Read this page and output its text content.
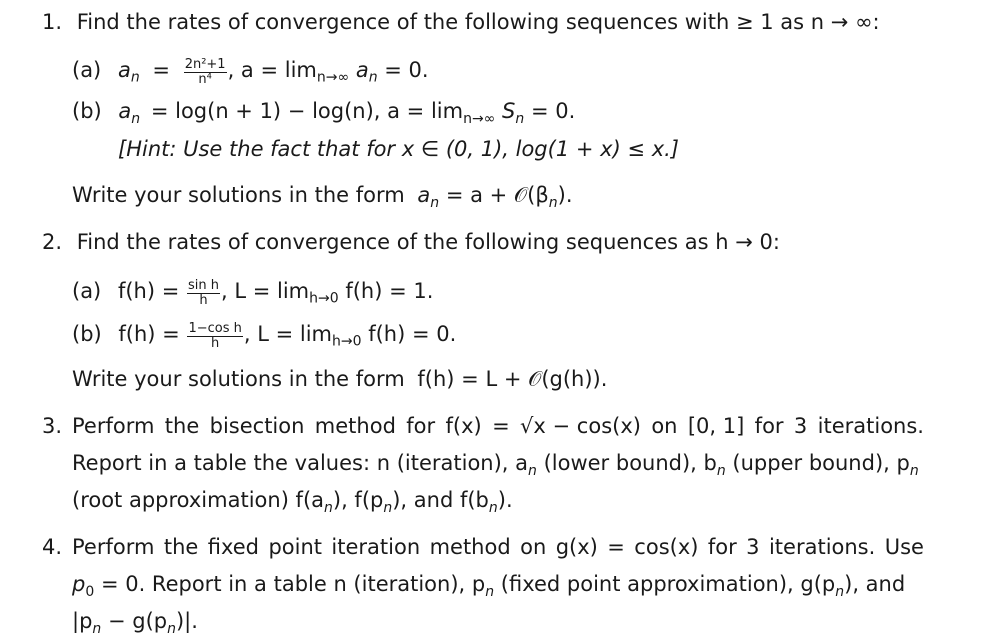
1. Find the rates of convergence of the following sequences with ≥ 1 as n → ∞:
(a) $a_n = \frac{\text{2n²+1}}{\text{n⁴}}$ , $a = \lim_{n\to\infty} a_n = 0$.
(b) $a_n = \log(n + 1) - \log(n)$, $a = \lim_{n\to\infty} S_n = 0$.
[Hint: Use the fact that for x ∈ (0, 1), log(1 + x) ≤ x.]
Write your solutions in the form $a_n = a$ + $𝒪(\beta_n)$.
2. Find the rates of convergence of the following sequences as h → 0:
(a) $f(h) = \frac{\text{sin h}}{h}$ , $L = \lim_{h\to 0} f(h) = 1$.
(b) $f(h) = \frac{\text{1−cos h}}{h}$ , $L = \lim_{h\to 0} f(h) = 0$.
Write your solutions in the form f(h) = L + 𝒪(g(h)).
3. Perform the bisection method for f(x) = √x − cos(x) on [0, 1] for 3 iterations.
Report in a table the values: n (iteration), $a_n$ (lower bound), $b_n$ (upper bound), $p_n$
(root approximation) $f(a_n)$, $f(p_n)$, and $f(b_n)$.
4. Perform the fixed point iteration method on g(x) = cos(x) for 3 iterations. Use
$p_0 = 0$. Report in a table n (iteration), $p_n$ (fixed point approximation), $g(p_n)$, and
$|p_n - g(p_n)|$.
